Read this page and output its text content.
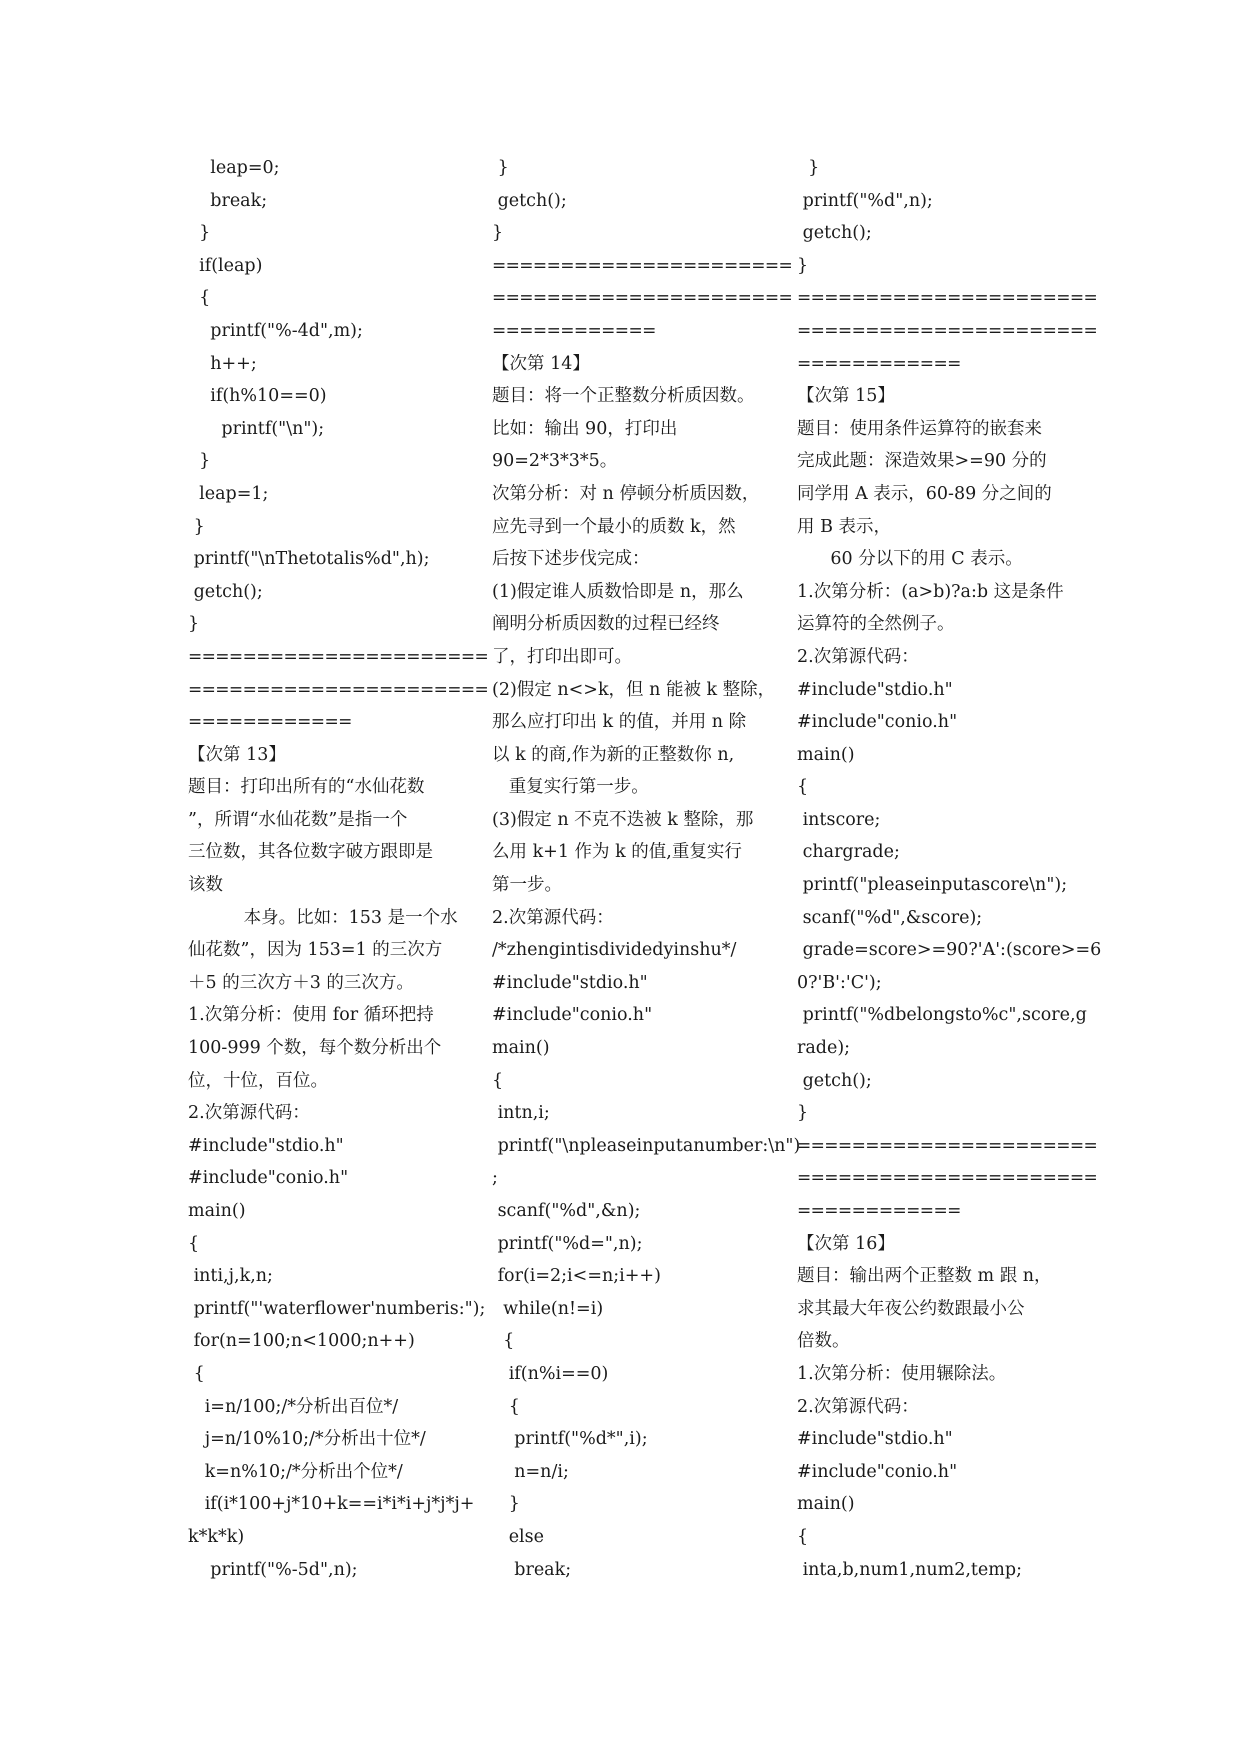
leap=0;
break;
}
if(leap)
{
printf("%-4d",m);
h++;
if(h%10==0)
printf("\n");
}
leap=1;
}
printf("\nThetotalis%d",h);
getch();
}
======================
======================
============
【次第 13】
题目：打印出所有的“水仙花数
”，所谓“水仙花数”是指一个
三位数，其各位数字破方跟即是
该数
本身。比如：153 是一个水
仙花数”，因为 153=1 的三次方
＋5 的三次方＋3 的三次方。
1.次第分析：使用 for 循环把持
100-999 个数，每个数分析出个
位，十位，百位。
2.次第源代码：
#include"stdio.h"
#include"conio.h"
main()
{
inti,j,k,n;
printf("'waterflower'numberis:");
for(n=100;n<1000;n++)
{
i=n/100;/*分析出百位*/
j=n/10%10;/*分析出十位*/
k=n%10;/*分析出个位*/
if(i*100+j*10+k==i*i*i+j*j*j+
k*k*k)
printf("%-5d",n);
}
getch();
}
======================
======================
============
【次第 14】
题目：将一个正整数分析质因数。
比如：输出 90，打印出
90=2*3*3*5。
次第分析：对 n 停顿分析质因数，
应先寻到一个最小的质数 k，然
后按下述步伐完成：
(1)假定谁人质数恰即是 n，那么
阐明分析质因数的过程已经终
了，打印出即可。
(2)假定 n<>k，但 n 能被 k 整除，
那么应打印出 k 的值，并用 n 除
以 k 的商,作为新的正整数你 n,
重复实行第一步。
(3)假定 n 不克不迭被 k 整除，那
么用 k+1 作为 k 的值,重复实行
第一步。
2.次第源代码：
/*zhengintisdividedyinshu*/
#include"stdio.h"
#include"conio.h"
main()
{
intn,i;
printf("\npleaseinputanumber:\n")
;
scanf("%d",&n);
printf("%d=",n);
for(i=2;i<=n;i++)
while(n!=i)
{
if(n%i==0)
{
printf("%d*",i);
n=n/i;
}
else
break;
}
printf("%d",n);
getch();
}
======================
======================
============
【次第 15】
题目：使用条件运算符的嵌套来
完成此题：深造效果>=90 分的
同学用 A 表示，60-89 分之间的
用 B 表示，
60 分以下的用 C 表示。
1.次第分析：(a>b)?a:b 这是条件
运算符的全然例子。
2.次第源代码：
#include"stdio.h"
#include"conio.h"
main()
{
intscore;
chargrade;
printf("pleaseinputascore\n");
scanf("%d",&score);
grade=score>=90?'A':(score>=6
0?'B':'C');
printf("%dbelongsto%c",score,g
rade);
getch();
}
======================
======================
============
【次第 16】
题目：输出两个正整数 m 跟 n，
求其最大年夜公约数跟最小公
倍数。
1.次第分析：使用辗除法。
2.次第源代码：
#include"stdio.h"
#include"conio.h"
main()
{
inta,b,num1,num2,temp;
